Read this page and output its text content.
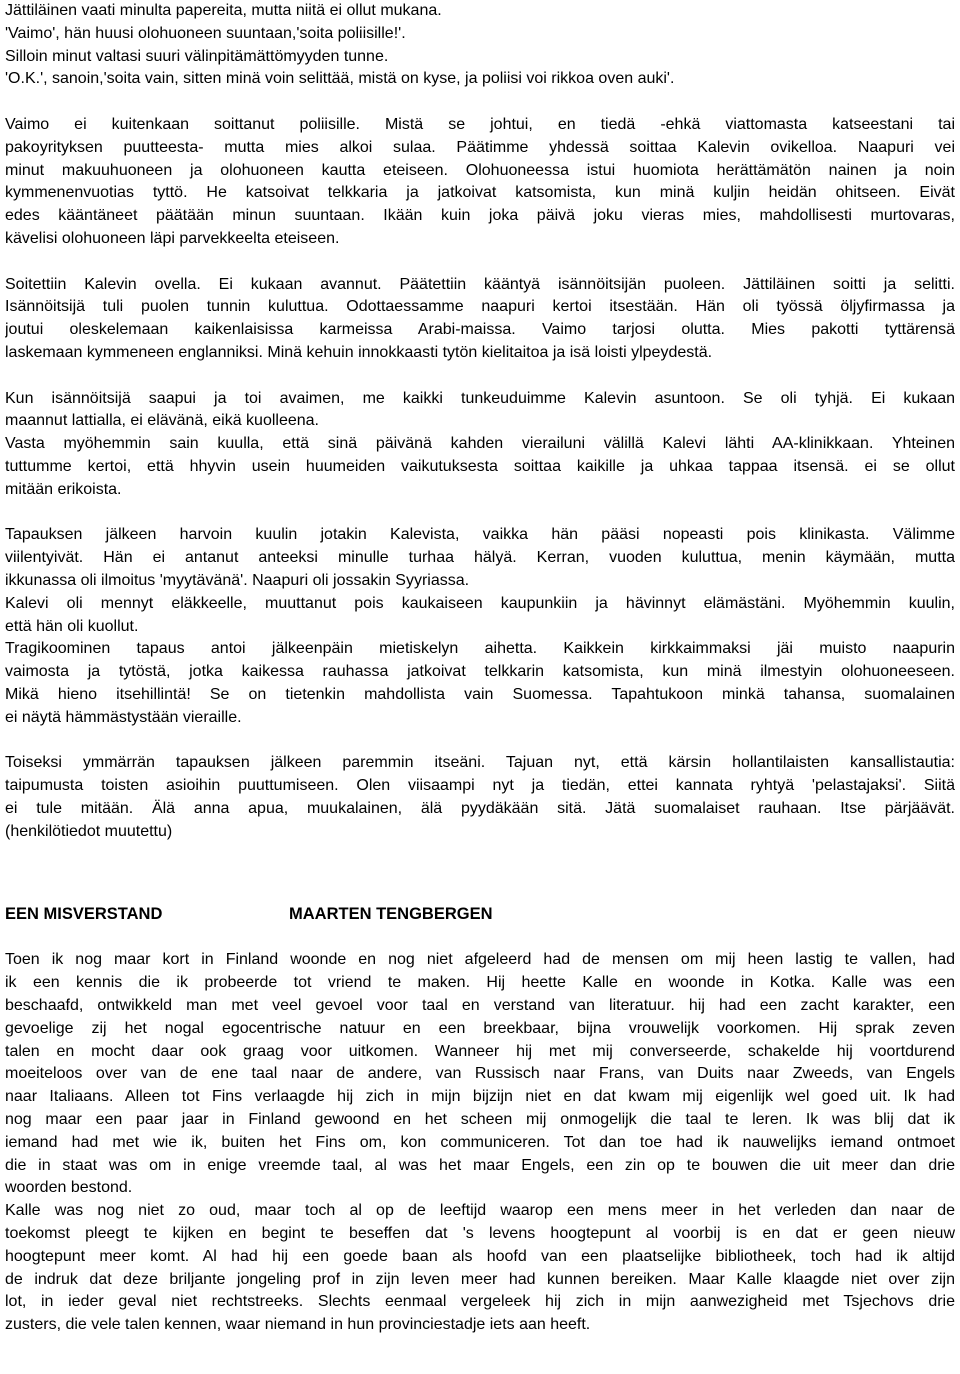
Jättiläinen vaati minulta papereita, mutta niitä ei ollut mukana.

'Vaimo', hän huusi olohuoneen suuntaan,'soita poliisille!'.

Silloin minut valtasi suuri välinpitämättömyyden tunne.

'O.K.', sanoin,'soita vain, sitten minä voin selittää, mistä on kyse, ja poliisi voi rikkoa oven auki'.

Vaimo ei kuitenkaan soittanut poliisille. Mistä se johtui, en tiedä -ehkä viattomasta katseestani tai

pakoyrityksen puutteesta- mutta mies alkoi sulaa. Päätimme yhdessä soittaa Kalevin ovikelloa. Naapuri vei

minut makuuhuoneen ja olohuoneen kautta eteiseen. Olohuoneessa istui huomiota herättämätön nainen ja noin

kymmenenvuotias tyttö. He katsoivat telkkaria ja jatkoivat katsomista, kun minä kuljin heidän ohitseen. Eivät

edes kääntäneet päätään minun suuntaan. Ikään kuin joka päivä joku vieras mies, mahdollisesti murtovaras,

kävelisi olohuoneen läpi parvekkeelta eteiseen.

Soitettiin Kalevin ovella. Ei kukaan avannut. Päätettiin kääntyä isännöitsijän puoleen. Jättiläinen soitti ja selitti.

Isännöitsijä tuli puolen tunnin kuluttua. Odottaessamme naapuri kertoi itsestään. Hän oli työssä öljyfirmassa ja

joutui oleskelemaan kaikenlaisissa karmeissa Arabi-maissa. Vaimo tarjosi olutta. Mies pakotti tyttärensä

laskemaan kymmeneen englanniksi. Minä kehuin innokkaasti tytön kielitaitoa ja isä loisti ylpeydestä.

Kun isännöitsijä saapui ja toi avaimen, me kaikki tunkeuduimme Kalevin asuntoon. Se oli tyhjä. Ei kukaan

maannut lattialla, ei elävänä, eikä kuolleena.

Vasta myöhemmin sain kuulla, että sinä päivänä kahden vierailuni välillä Kalevi lähti AA-klinikkaan. Yhteinen

tuttumme kertoi, että hhyvin usein huumeiden vaikutuksesta soittaa kaikille ja uhkaa tappaa itsensä. ei se ollut

mitään erikoista.

Tapauksen jälkeen harvoin kuulin jotakin Kalevista, vaikka hän pääsi nopeasti pois klinikasta. Välimme

viilentyivät. Hän ei antanut anteeksi minulle turhaa hälyä. Kerran, vuoden kuluttua, menin käymään, mutta

ikkunassa oli ilmoitus 'myytävänä'. Naapuri oli jossakin Syyriassa.

Kalevi oli mennyt eläkkeelle, muuttanut pois kaukaiseen kaupunkiin ja hävinnyt elämästäni. Myöhemmin kuulin,

että hän oli kuollut.

Tragikoominen tapaus antoi jälkeenpäin mietiskelyn aihetta. Kaikkein kirkkaimmaksi jäi muisto naapurin

vaimosta ja tytöstä, jotka kaikessa rauhassa jatkoivat telkkarin katsomista, kun minä ilmestyin olohuoneeseen.

Mikä hieno itsehillintä! Se on tietenkin mahdollista vain Suomessa. Tapahtukoon minkä tahansa, suomalainen

ei näytä hämmästystään vieraille.

Toiseksi ymmärrän tapauksen jälkeen paremmin itseäni. Tajuan nyt, että kärsin hollantilaisten kansallistautia:

taipumusta toisten asioihin puuttumiseen. Olen viisaampi nyt ja tiedän, ettei kannata ryhtyä 'pelastajaksi'. Siitä

ei tule mitään. Älä anna apua, muukalainen, älä pyydäkään sitä. Jätä suomalaiset rauhaan. Itse pärjäävät.

(henkilötiedot muutettu)

EEN MISVERSTAND	MAARTEN TENGBERGEN

Toen ik nog maar kort in Finland woonde en nog niet afgeleerd had de mensen om mij heen lastig te vallen, had

ik een kennis die ik probeerde tot vriend te maken. Hij heette Kalle en woonde in Kotka. Kalle was een

beschaafd, ontwikkeld man met veel gevoel voor taal en verstand van literatuur. hij had een zacht karakter, een

gevoelige zij het nogal egocentrische natuur en een breekbaar, bijna vrouwelijk voorkomen. Hij sprak zeven

talen en mocht daar ook graag voor uitkomen. Wanneer hij met mij converseerde, schakelde hij voortdurend

moeiteloos over van de ene taal naar de andere, van Russisch naar Frans, van Duits naar Zweeds, van Engels

naar Italiaans. Alleen tot Fins verlaagde hij zich in mijn bijzijn niet en dat kwam mij eigenlijk wel goed uit. Ik had

nog maar een paar jaar in Finland gewoond en het scheen mij onmogelijk die taal te leren. Ik was blij dat ik

iemand had met wie ik, buiten het Fins om, kon communiceren. Tot dan toe had ik nauwelijks iemand ontmoet

die in staat was om in enige vreemde taal, al was het maar Engels, een zin op te bouwen die uit meer dan drie

woorden bestond.

Kalle was nog niet zo oud, maar toch al op de leeftijd waarop een mens meer in het verleden dan naar de

toekomst pleegt te kijken en begint te beseffen dat 's levens hoogtepunt al voorbij is en dat er geen nieuw

hoogtepunt meer komt. Al had hij een goede baan als hoofd van een plaatselijke bibliotheek, toch had ik altijd

de indruk dat deze briljante jongeling prof in zijn leven meer had kunnen bereiken. Maar Kalle klaagde niet over zijn

lot, in ieder geval niet rechtstreeks. Slechts eenmaal vergeleek hij zich in mijn aanwezigheid met Tsjechovs drie

zusters, die vele talen kennen, waar niemand in hun provinciestadje iets aan heeft.
